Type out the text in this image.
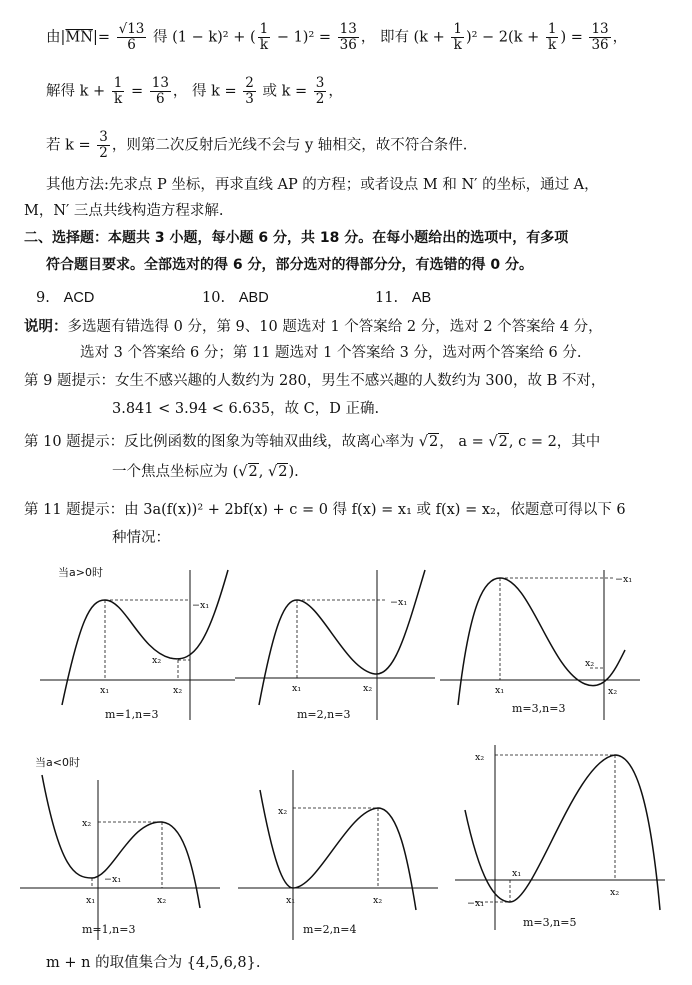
由$|\overline{MN}|= \frac{√13}{6}$ 得 (1 − k)² + ( $\frac{1}{k} - 1)^2 = \frac{13}{36}$ ， 即有 $(k + \frac{1}{k} )^2 - 2(k + \frac{1}{k}$ ) = $\frac{13}{36}$ ，
解得 $k + \frac{1}{k} = \frac{13}{6}$ ， 得 $k = \frac{2}{3}$ 或 $k = \frac{3}{2}$ ，
若 $k = \frac{3}{2}$ ，则第二次反射后光线不会与 y 轴相交，故不符合条件.
其他方法:先求点 P 坐标，再求直线 AP 的方程；或者设点 M 和 N′ 的坐标，通过 A，
M，N′ 三点共线构造方程求解.
二、选择题：本题共 3 小题，每小题 6 分，共 18 分。在每小题给出的选项中，有多项
符合题目要求。全部选对的得 6 分，部分选对的得部分分，有选错的得 0 分。
9. ACD	10. ABD	11. AB
说明：多选题有错选得 0 分，第 9、10 题选对 1 个答案给 2 分，选对 2 个答案给 4 分，
选对 3 个答案给 6 分；第 11 题选对 1 个答案给 3 分，选对两个答案给 6 分.
第 9 题提示：女生不感兴趣的人数约为 280，男生不感兴趣的人数约为 300，故 B 不对，
3.841 < 3.94 < 6.635，故 C，D 正确.
第 10 题提示：反比例函数的图象为等轴双曲线，故离心率为 √2， a = √2, c = 2，其中
一个焦点坐标应为 (√2, √2).
第 11 题提示：由 3a(f(x))² + 2bf(x) + c = 0 得 f(x) = x₁ 或 f(x) = x₂，依题意可得以下 6
种情况：
当a>0时
−x₁
x₂
x₁	x₂
m=1,n=3
−x₁
x₁	x₂
m=2,n=3
−x₁
x₂
x₁	x₂
m=3,n=3
当a<0时
x₂
−x₁
x₁	x₂
m=1,n=3
x₂
x₁	x₂
m=2,n=4
x₂
x₁
x₂
−x₁
m=3,n=5
m + n 的取值集合为 {4,5,6,8}.
